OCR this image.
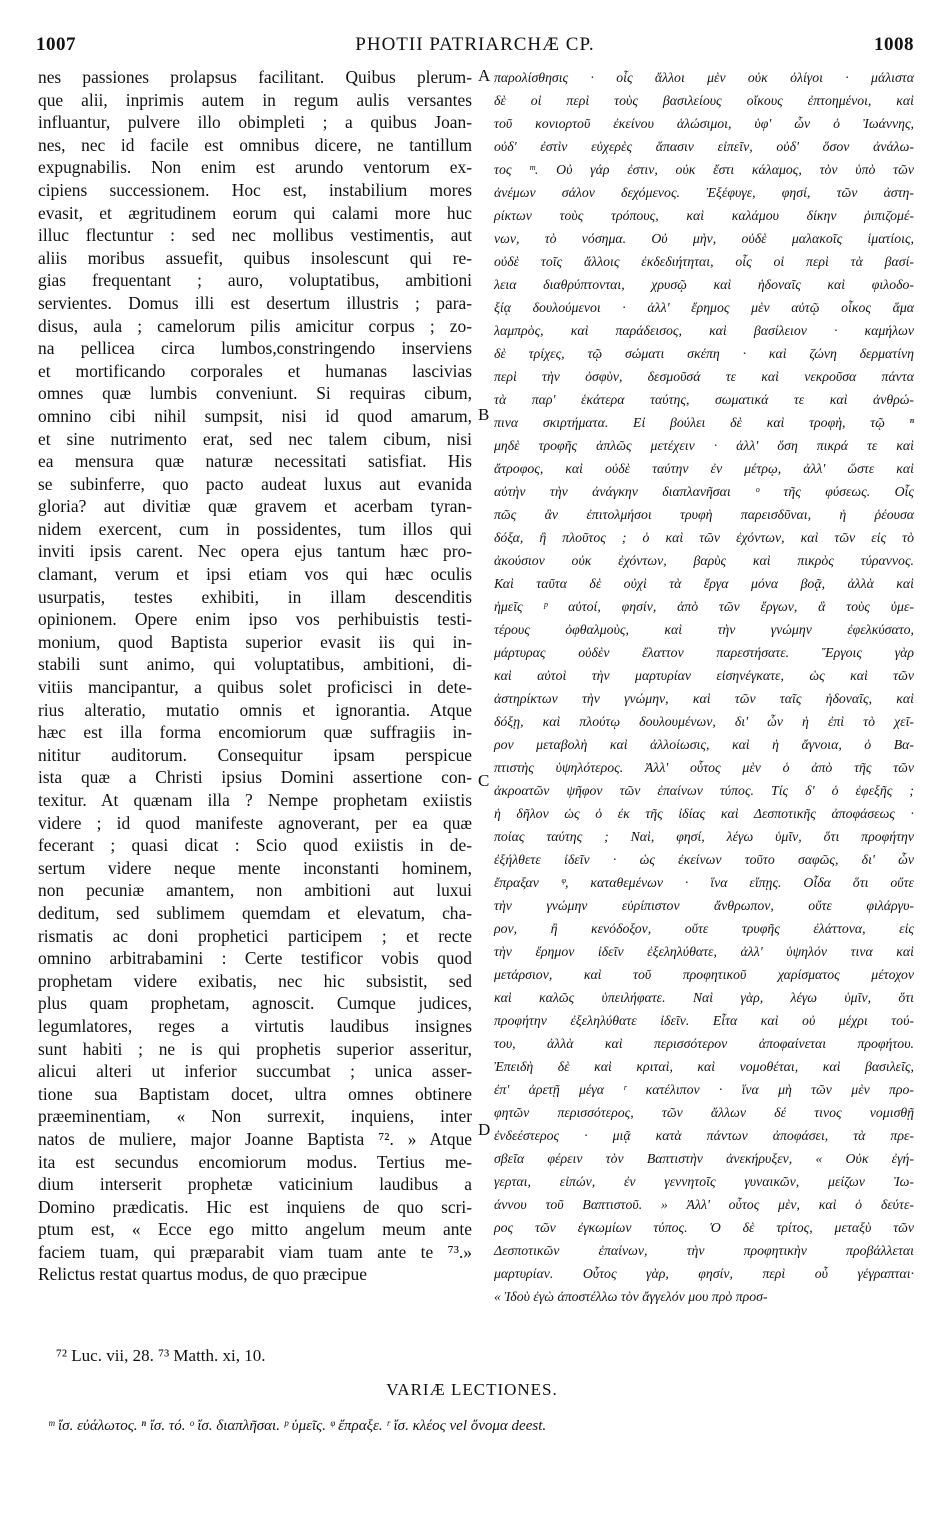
1007	PHOTII PATRIARCHÆ CP.	1008
nes passiones prolapsus facilitant. Quibus plerum-
que alii, inprimis autem in regum aulis versantes
influantur, pulvere illo obimpleti ; a quibus Joan-
nes, nec id facile est omnibus dicere, ne tantillum
expugnabilis. Non enim est arundo ventorum ex-
cipiens successionem. Hoc est, instabilium mores
evasit, et ægritudinem eorum qui calami more huc
illuc flectuntur : sed nec mollibus vestimentis, aut
aliis moribus assuefit, quibus insolescunt qui re-
gias frequentant ; auro, voluptatibus, ambitioni
servientes. Domus illi est desertum illustris ; para-
disus, aula ; camelorum pilis amicitur corpus ; zo-
na pellicea circa lumbos,constringendo inserviens
et mortificando corporales et humanas lascivias
omnes quæ lumbis conveniunt. Si requiras cibum,
omnino cibi nihil sumpsit, nisi id quod amarum,
et sine nutrimento erat, sed nec talem cibum, nisi
ea mensura quæ naturæ necessitati satisfiat. His
se subinferre, quo pacto audeat luxus aut evanida
gloria? aut divitiæ quæ gravem et acerbam tyran-
nidem exercent, cum in possidentes, tum illos qui
inviti ipsis carent. Nec opera ejus tantum hæc pro-
clamant, verum et ipsi etiam vos qui hæc oculis
usurpatis, testes exhibiti, in illam descenditis
opinionem. Opere enim ipso vos perhibuistis testi-
monium, quod Baptista superior evasit iis qui in-
stabili sunt animo, qui voluptatibus, ambitioni, di-
vitiis mancipantur, a quibus solet proficisci in dete-
rius alteratio, mutatio omnis et ignorantia. Atque
hæc est illa forma encomiorum quæ suffragiis in-
nititur auditorum. Consequitur ipsam perspicue
ista quæ a Christi ipsius Domini assertione con-
texitur. At quænam illa ? Nempe prophetam exiistis
videre ; id quod manifeste agnoverant, per ea quæ
fecerant ; quasi dicat : Scio quod exiistis in de-
sertum videre neque mente inconstanti hominem,
non pecuniæ amantem, non ambitioni aut luxui
deditum, sed sublimem quemdam et elevatum, cha-
rismatis ac doni prophetici participem ; et recte
omnino arbitrabamini : Certe testificor vobis quod
prophetam videre exibatis, nec hic subsistit, sed
plus quam prophetam, agnoscit. Cumque judices,
legumlatores, reges a virtutis laudibus insignes
sunt habiti ; ne is qui prophetis superior asseritur,
alicui alteri ut inferior succumbat ; unica asser-
tione sua Baptistam docet, ultra omnes obtinere
præeminentiam, « Non surrexit, inquiens, inter
natos de muliere, major Joanne Baptista ⁷². » Atque
ita est secundus encomiorum modus. Tertius me-
dium interserit prophetæ vaticinium laudibus a
Domino prædicatis. Hic est inquiens de quo scri-
ptum est, « Ecce ego mitto angelum meum ante
faciem tuam, qui præparabit viam tuam ante te ⁷³.»
Relictus restat quartus modus, de quo præcipue
παρολίσθησις · οἷς ἄλλοι μὲν οὐκ ὀλίγοι · μάλιστα
δὲ οἱ περὶ τοὺς βασιλείους οἴκους ἐπτοημένοι, καὶ
τοῦ κονιορτοῦ ἐκείνου ἁλώσιμοι, ὑφ' ὧν ὁ Ἰωάννης,
οὐδ' ἐστὶν εὐχερὲς ἅπασιν εἰπεῖν, οὐδ' ὅσον ἀνάλω-
τος ᵐ. Οὐ γάρ ἐστιν, οὐκ ἔστι κάλαμος, τὸν ὑπὸ τῶν
ἀνέμων σάλον δεχόμενος. Ἐξέφυγε, φησί, τῶν ἀστη-
ρίκτων τοὺς τρόπους, καὶ καλάμου δίκην ῥιπιζομέ-
νων, τὸ νόσημα. Οὐ μὴν, οὐδὲ μαλακοῖς ἱματίοις,
οὐδὲ τοῖς ἄλλοις ἐκδεδιήτηται, οἷς οἱ περὶ τὰ βασί-
λεια διαθρύπτονται, χρυσῷ καὶ ἡδοναῖς καὶ φιλοδο-
ξίᾳ δουλούμενοι · ἀλλ' ἔρημος μὲν αὐτῷ οἶκος ἅμα
λαμπρὸς, καὶ παράδεισος, καὶ βασίλειον · καμήλων
δὲ τρίχες, τῷ σώματι σκέπη · καὶ ζώνη δερματίνη
περὶ τὴν ὀσφὺν, δεσμοῦσά τε καὶ νεκροῦσα πάντα
τὰ παρ' ἑκάτερα ταύτης, σωματικά τε καὶ ἀνθρώ-
πινα σκιρτήματα. Εἰ βούλει δὲ καὶ τροφὴ, τῷ ⁿ
μηδὲ τροφῆς ἁπλῶς μετέχειν · ἀλλ' ὅση πικρά τε καὶ
ἄτροφος, καὶ οὐδὲ ταύτην ἐν μέτρῳ, ἀλλ' ὥστε καὶ
αὐτὴν τὴν ἀνάγκην διαπλανῆσαι ᵒ τῆς φύσεως. Οἷς
πῶς ἂν ἐπιτολμήσοι τρυφὴ παρεισδῦναι, ἡ ῥέουσα
δόξα, ἢ πλοῦτος ; ὁ καὶ τῶν ἐχόντων, καὶ τῶν εἰς τὸ
ἀκούσιον οὐκ ἐχόντων, βαρὺς καὶ πικρὸς τύραννος.
Καὶ ταῦτα δὲ οὐχὶ τὰ ἔργα μόνα βοᾷ, ἀλλὰ καὶ
ἡμεῖς ᵖ αὐτοί, φησίν, ἀπὸ τῶν ἔργων, ἃ τοὺς ὑμε-
τέρους ὀφθαλμοὺς, καὶ τὴν γνώμην ἐφελκύσατο,
μάρτυρας οὐδὲν ἔλαττον παρεστήσατε. Ἔργοις γὰρ
καὶ αὐτοὶ τὴν μαρτυρίαν εἰσηνέγκατε, ὡς καὶ τῶν
ἀστηρίκτων τὴν γνώμην, καὶ τῶν ταῖς ἡδοναῖς, καὶ
δόξῃ, καὶ πλούτῳ δουλουμένων, δι' ὧν ἡ ἐπὶ τὸ χεῖ-
ρον μεταβολὴ καὶ ἀλλοίωσις, καὶ ἡ ἄγνοια, ὁ Βα-
πτιστὴς ὑψηλότερος. Ἀλλ' οὗτος μὲν ὁ ἀπὸ τῆς τῶν
ἀκροατῶν ψῆφον τῶν ἐπαίνων τύπος. Τίς δ' ὁ ἐφεξῆς ;
ἡ δῆλον ὡς ὁ ἐκ τῆς ἰδίας καὶ Δεσποτικῆς ἀποφάσεως ·
ποίας ταύτης ; Ναὶ, φησί, λέγω ὑμῖν, ὅτι προφήτην
ἐξήλθετε ἰδεῖν · ὡς ἐκείνων τοῦτο σαφῶς, δι' ὧν
ἔπραξαν ᵠ, καταθεμένων · ἵνα εἴπῃς. Οἶδα ὅτι οὔτε
τὴν γνώμην εὐρίπιστον ἄνθρωπον, οὔτε φιλάργυ-
ρον, ἢ κενόδοξον, οὔτε τρυφῆς ἐλάττονα, εἰς
τὴν ἔρημον ἰδεῖν ἐξεληλύθατε, ἀλλ' ὑψηλόν τινα καὶ
μετάρσιον, καὶ τοῦ προφητικοῦ χαρίσματος μέτοχον
καὶ καλῶς ὑπειλήφατε. Ναὶ γὰρ, λέγω ὑμῖν, ὅτι
προφήτην ἐξεληλύθατε ἰδεῖν. Εἶτα καὶ οὐ μέχρι τού-
του, ἀλλὰ καὶ περισσότερον ἀποφαίνεται προφήτου.
Ἐπειδὴ δὲ καὶ κριταὶ, καὶ νομοθέται, καὶ βασιλεῖς,
ἐπ' ἀρετῇ μέγα ʳ κατέλιπον · ἵνα μὴ τῶν μὲν προ-
φητῶν περισσότερος, τῶν ἄλλων δέ τινος νομισθῇ
ἐνδεέστερος · μιᾷ κατὰ πάντων ἀποφάσει, τὰ πρε-
σβεῖα φέρειν τὸν Βαπτιστὴν ἀνεκήρυξεν, « Οὐκ ἐγή-
γερται, εἰπών, ἐν γεννητοῖς γυναικῶν, μείζων Ἰω-
άννου τοῦ Βαπτιστοῦ. » Ἀλλ' οὗτος μὲν, καὶ ὁ δεύτε-
ρος τῶν ἐγκωμίων τύπος. Ὁ δὲ τρίτος, μεταξὺ τῶν
Δεσποτικῶν ἐπαίνων, τὴν προφητικὴν προβάλλεται
μαρτυρίαν. Οὗτος γὰρ, φησίν, περὶ οὗ γέγραπται·
« Ἰδοὺ ἐγὼ ἀποστέλλω τὸν ἄγγελόν μου πρὸ προσ-
A
B
C
D
⁷² Luc. vii, 28. ⁷³ Matth. xi, 10.
VARIÆ LECTIONES.
ᵐ ἴσ. εὐάλωτος. ⁿ ἴσ. τό. ᵒ ἴσ. διαπλῆσαι. ᵖ ὑμεῖς. ᵠ ἔπραξε. ʳ ἴσ. κλέος vel ὄνομα deest.
